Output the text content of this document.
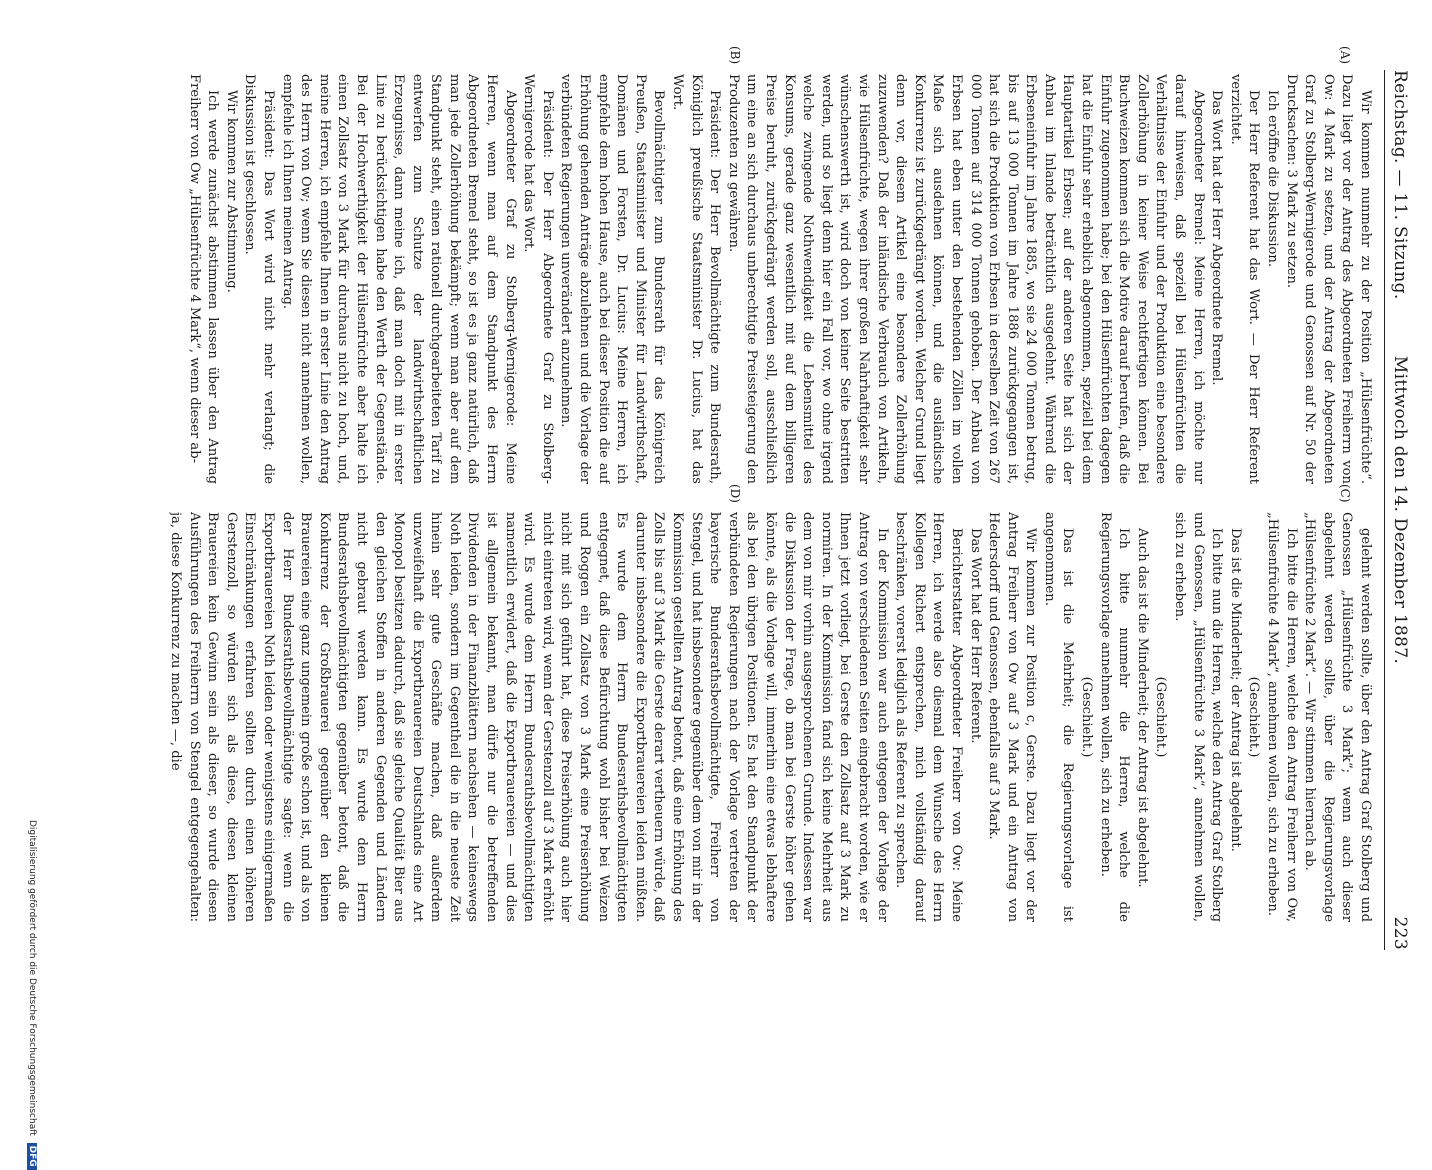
Reichstag. — 11. Sitzung.
Mittwoch den 14. Dezember 1887.
223
(A)
(C)
(B)
(D)

Wir kommen nunmehr zu der Position „Hülsenfrüchte“. Dazu liegt vor der Antrag des Abgeordneten Freiherrn von Ow: 4 Mark zu setzen, und der Antrag der Abgeordneten Graf zu Stolberg-Wernigerode und Genossen auf Nr. 50 der Drucksachen: 3 Mark zu setzen.

Ich eröffne die Diskussion.

Der Herr Referent hat das Wort. — Der Herr Referent verzichtet.

Das Wort hat der Herr Abgeordnete Bremel.

Abgeordneter Bremel: Meine Herren, ich möchte nur darauf hinweisen, daß speziell bei Hülsenfrüchten die Verhältnisse der Einfuhr und der Produktion eine besondere Zollerhöhung in keiner Weise rechtfertigen können. Bei Buchweizen kommen sich die Motive darauf berufen, daß die Einfuhr zugenommen habe; bei den Hülsenfrüchten dagegen hat die Einfuhr sehr erheblich abgenommen, speziell bei dem Hauptartikel Erbsen; auf der anderen Seite hat sich der Anbau im Inlande beträchtlich ausgedehnt. Während die Erbseneinfuhr im Jahre 1885, wo sie 24 000 Tonnen betrug, bis auf 13 000 Tonnen im Jahre 1886 zurückgegangen ist, hat sich die Produktion von Erbsen in derselben Zeit von 267 000 Tonnen auf 314 000 Tonnen gehoben. Der Anbau von Erbsen hat eben unter den bestehenden Zöllen im vollen Maße sich ausdehnen können, und die ausländische Konkurrenz ist zurückgedrängt worden. Welcher Grund liegt denn vor, diesem Artikel eine besondere Zollerhöhung zuzuwenden? Daß der inländische Verbrauch von Artikeln, wie Hülsenfrüchte, wegen ihrer großen Nahrhaftigkeit sehr wünschenswerth ist, wird doch von keiner Seite bestritten werden, und so liegt denn hier ein Fall vor, wo ohne irgend welche zwingende Nothwendigkeit die Lebensmittel des Konsums, gerade ganz wesentlich mit auf dem billigeren Preise beruht, zurückgedrängt werden soll, ausschließlich um eine an sich durchaus unberechtigte Preissteigerung den Produzenten zu gewähren.

Präsident: Der Herr Bevollmächtigte zum Bundesrath, Königlich preußische Staatsminister Dr. Lucius, hat das Wort.

Bevollmächtigter zum Bundesrath für das Königreich Preußen, Staatsminister und Minister für Landwirthschaft, Domänen und Forsten, Dr. Lucius: Meine Herren, ich empfehle dem hohen Hause, auch bei dieser Position die auf Erhöhung gehenden Anträge abzulehnen und die Vorlage der verbündeten Regierungen unverändert anzunehmen.

Präsident: Der Herr Abgeordnete Graf zu Stolberg-Wernigerode hat das Wort.

Abgeordneter Graf zu Stolberg-Wernigerode: Meine Herren, wenn man auf dem Standpunkt des Herrn Abgeordneten Bremel steht, so ist es ja ganz natürlich, daß man jede Zollerhöhung bekämpft; wenn man aber auf dem Standpunkt steht, einen rationell durchgearbeiteten Tarif zu entwerfen zum Schutze der landwirthschaftlichen Erzeugnisse, dann meine ich, daß man doch mit in erster Linie zu berücksichtigen habe den Werth der Gegenstände. Bei der Hochwerthigkeit der Hülsenfrüchte aber halte ich einen Zollsatz von 3 Mark für durchaus nicht zu hoch, und, meine Herren, ich empfehle Ihnen in erster Linie den Antrag des Herrn von Ow; wenn Sie diesen nicht annehmen wollen, empfehle ich Ihnen meinen Antrag.

Präsident: Das Wort wird nicht mehr verlangt; die Diskussion ist geschlossen.

Wir kommen zur Abstimmung.

Ich werde zunächst abstimmen lassen über den Antrag Freiherr von Ow „Hülsenfrüchte 4 Mark“, wenn dieser ab-

gelehnt werden sollte, über den Antrag Graf Stolberg und Genossen „Hülsenfrüchte 3 Mark“; wenn auch dieser abgelehnt werden sollte, über die Regierungsvorlage „Hülsenfrüchte 2 Mark“. — Wir stimmen hiernach ab.

Ich bitte die Herren, welche den Antrag Freiherr von Ow, „Hülsenfrüchte 4 Mark“, annehmen wollen, sich zu erheben.

(Geschieht.)

Das ist die Minderheit; der Antrag ist abgelehnt.

Ich bitte nun die Herren, welche den Antrag Graf Stolberg und Genossen, „Hülsenfrüchte 3 Mark“, annehmen wollen, sich zu erheben.

(Geschieht.)

Auch das ist die Minderheit; der Antrag ist abgelehnt.

Ich bitte nunmehr die Herren, welche die Regierungsvorlage annehmen wollen, sich zu erheben.

(Geschieht.)

Das ist die Mehrheit; die Regierungsvorlage ist angenommen.

Wir kommen zur Position c, Gerste. Dazu liegt vor der Antrag Freiherr von Ow auf 3 Mark und ein Antrag von Hedersdorff und Genossen, ebenfalls auf 3 Mark.

Das Wort hat der Herr Referent.

Berichterstatter Abgeordneter Freiherr von Ow: Meine Herren, ich werde also diesmal dem Wunsche des Herrn Kollegen Richert entsprechen, mich vollständig darauf beschränken, vorerst lediglich als Referent zu sprechen.

In der Kommission war auch entgegen der Vorlage der Antrag von verschiedenen Seiten eingebracht worden, wie er Ihnen jetzt vorliegt, bei Gerste den Zollsatz auf 3 Mark zu normiren. In der Kommission fand sich keine Mehrheit aus dem von mir vorhin ausgesprochenen Grunde. Indessen war die Diskussion der Frage, ob man bei Gerste höher gehen könnte, als die Vorlage will, immerhin eine etwas lebhaftere als bei den übrigen Positionen. Es hat den Standpunkt der verbündeten Regierungen nach der Vorlage vertreten der bayerische Bundesrathsbevollmächtigte, Freiherr von Stengel, und hat insbesondere gegenüber dem von mir in der Kommission gestellten Antrag betont, daß eine Erhöhung des Zolls bis auf 3 Mark die Gerste derart vertheuern würde, daß darunter insbesondere die Exportbrauereien leiden müßten. Es wurde dem Herrn Bundesrathsbevollmächtigten entgegnet, daß diese Befürchtung wohl bisher bei Weizen und Roggen ein Zollsatz von 3 Mark eine Preiserhöhung nicht mit sich geführt hat, diese Preiserhöhung auch hier nicht eintreten wird, wenn der Gerstenzoll auf 3 Mark erhöht wird. Es wurde dem Herrn Bundesrathsbevollmächtigten namentlich erwidert, daß die Exportbrauereien — und dies ist allgemein bekannt, man dürfe nur die betreffenden Dividenden in der Finanzblättern nachsehen — keineswegs Noth leiden, sondern im Gegentheil die in die neueste Zeit hinein sehr gute Geschäfte machen, daß außerdem unzweifelhaft die Exportbrauereien Deutschlands eine Art Monopol besitzen dadurch, daß sie gleiche Qualität Bier aus den gleichen Stoffen in anderen Gegenden und Ländern nicht gebraut werden kann. Es wurde dem Herrn Bundesrathsbevollmächtigten gegenüber betont, daß die Konkurrenz der Großbrauerei gegenüber den kleinen Brauereien eine ganz ungemein große schon ist, und als von der Herr Bundesrathsbevollmächtigte sagte: wenn die Exportbrauereien Noth leiden oder wenigstens einigermaßen Einschränkungen erfahren sollten durch einen höheren Gerstenzoll, so würden sich als diese, diesen kleinen Brauereien kein Gewinn sein als dieser, so wurde diesen Ausführungen des Freiherrn von Stengel entgegengehalten: ja, diese Konkurrenz zu machen —, die

Digitalisierung gefördert durch die Deutsche Forschungsgemeinschaft DFG
